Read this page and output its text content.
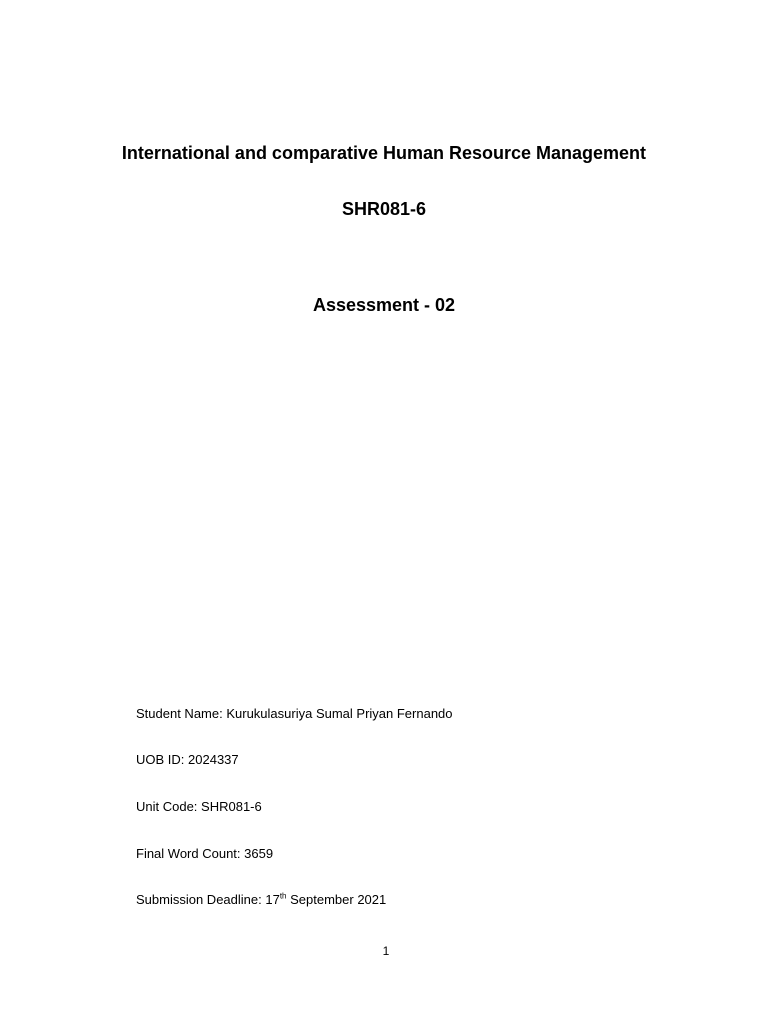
International and comparative Human Resource Management
SHR081-6
Assessment - 02

Student Name: Kurukulasuriya Sumal Priyan Fernando

UOB ID: 2024337

Unit Code: SHR081-6

Final Word Count: 3659

Submission Deadline: 17th September 2021

1
